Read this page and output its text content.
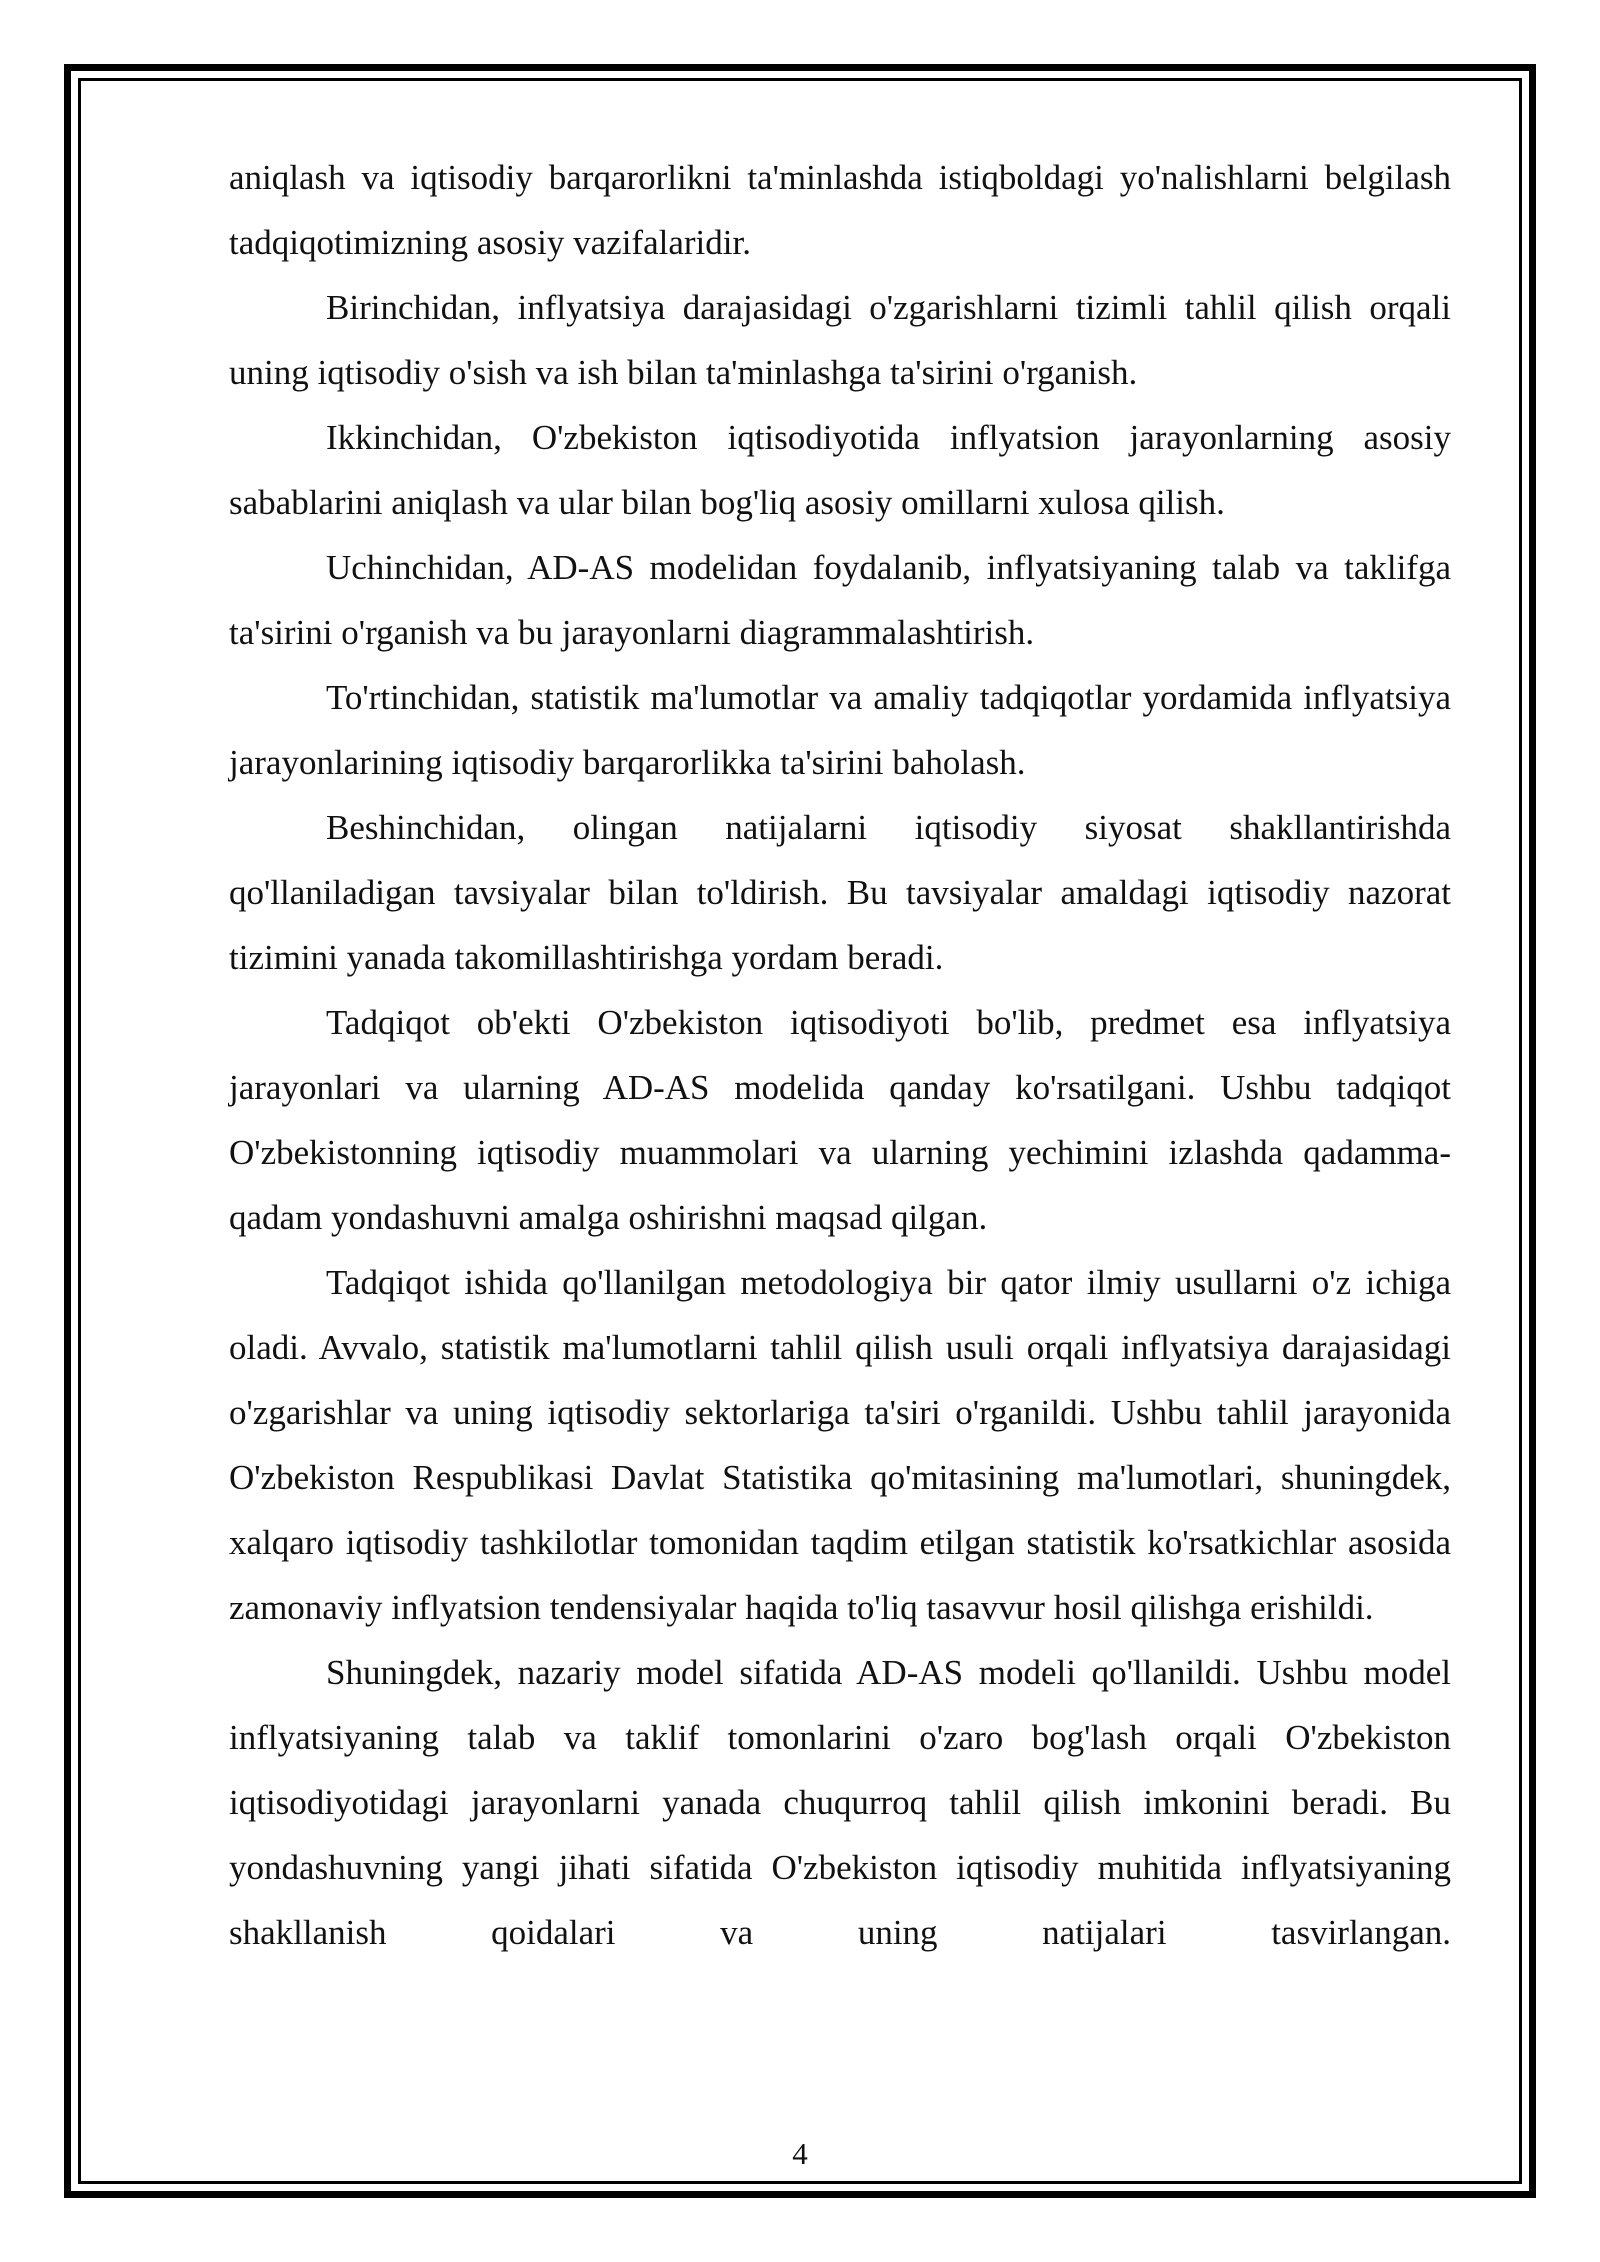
aniqlash va iqtisodiy barqarorlikni ta'minlashda istiqboldagi yo'nalishlarni belgilash tadqiqotimizning asosiy vazifalaridir.

Birinchidan, inflyatsiya darajasidagi o'zgarishlarni tizimli tahlil qilish orqali uning iqtisodiy o'sish va ish bilan ta'minlashga ta'sirini o'rganish.

Ikkinchidan, O'zbekiston iqtisodiyotida inflyatsion jarayonlarning asosiy sabablarini aniqlash va ular bilan bog'liq asosiy omillarni xulosa qilish.

Uchinchidan, AD-AS modelidan foydalanib, inflyatsiyaning talab va taklifga ta'sirini o'rganish va bu jarayonlarni diagrammalashtirish.

To'rtinchidan, statistik ma'lumotlar va amaliy tadqiqotlar yordamida inflyatsiya jarayonlarining iqtisodiy barqarorlikka ta'sirini baholash.

Beshinchidan, olingan natijalarni iqtisodiy siyosat shakllantirishda qo'llaniladigan tavsiyalar bilan to'ldirish. Bu tavsiyalar amaldagi iqtisodiy nazorat tizimini yanada takomillashtirishga yordam beradi.

Tadqiqot ob'ekti O'zbekiston iqtisodiyoti bo'lib, predmet esa inflyatsiya jarayonlari va ularning AD-AS modelida qanday ko'rsatilgani. Ushbu tadqiqot O'zbekistonning iqtisodiy muammolari va ularning yechimini izlashda qadamma-qadam yondashuvni amalga oshirishni maqsad qilgan.

Tadqiqot ishida qo'llanilgan metodologiya bir qator ilmiy usullarni o'z ichiga oladi. Avvalo, statistik ma'lumotlarni tahlil qilish usuli orqali inflyatsiya darajasidagi o'zgarishlar va uning iqtisodiy sektorlariga ta'siri o'rganildi. Ushbu tahlil jarayonida O'zbekiston Respublikasi Davlat Statistika qo'mitasining ma'lumotlari, shuningdek, xalqaro iqtisodiy tashkilotlar tomonidan taqdim etilgan statistik ko'rsatkichlar asosida zamonaviy inflyatsion tendensiyalar haqida to'liq tasavvur hosil qilishga erishildi.

Shuningdek, nazariy model sifatida AD-AS modeli qo'llanildi. Ushbu model inflyatsiyaning talab va taklif tomonlarini o'zaro bog'lash orqali O'zbekiston iqtisodiyotidagi jarayonlarni yanada chuqurroq tahlil qilish imkonini beradi. Bu yondashuvning yangi jihati sifatida O'zbekiston iqtisodiy muhitida inflyatsiyaning shakllanish qoidalari va uning natijalari tasvirlangan.

4
